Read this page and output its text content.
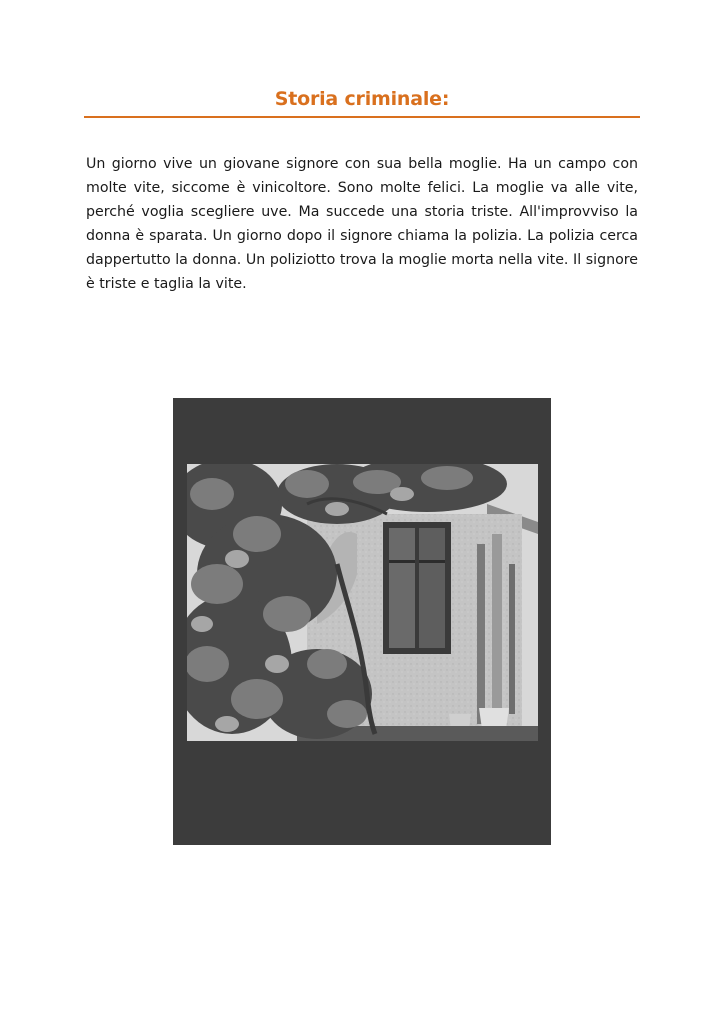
Storia criminale:

Un giorno vive un giovane signore con sua bella moglie. Ha un campo con molte vite, siccome è vinicoltore. Sono molte felici. La moglie va alle vite, perché voglia scegliere uve. Ma succede una storia triste. All'improvviso la donna è sparata. Un giorno dopo il signore chiama la polizia. La polizia cerca dappertutto la donna. Un poliziotto trova la moglie morta nella vite. Il signore è triste e taglia la vite.
